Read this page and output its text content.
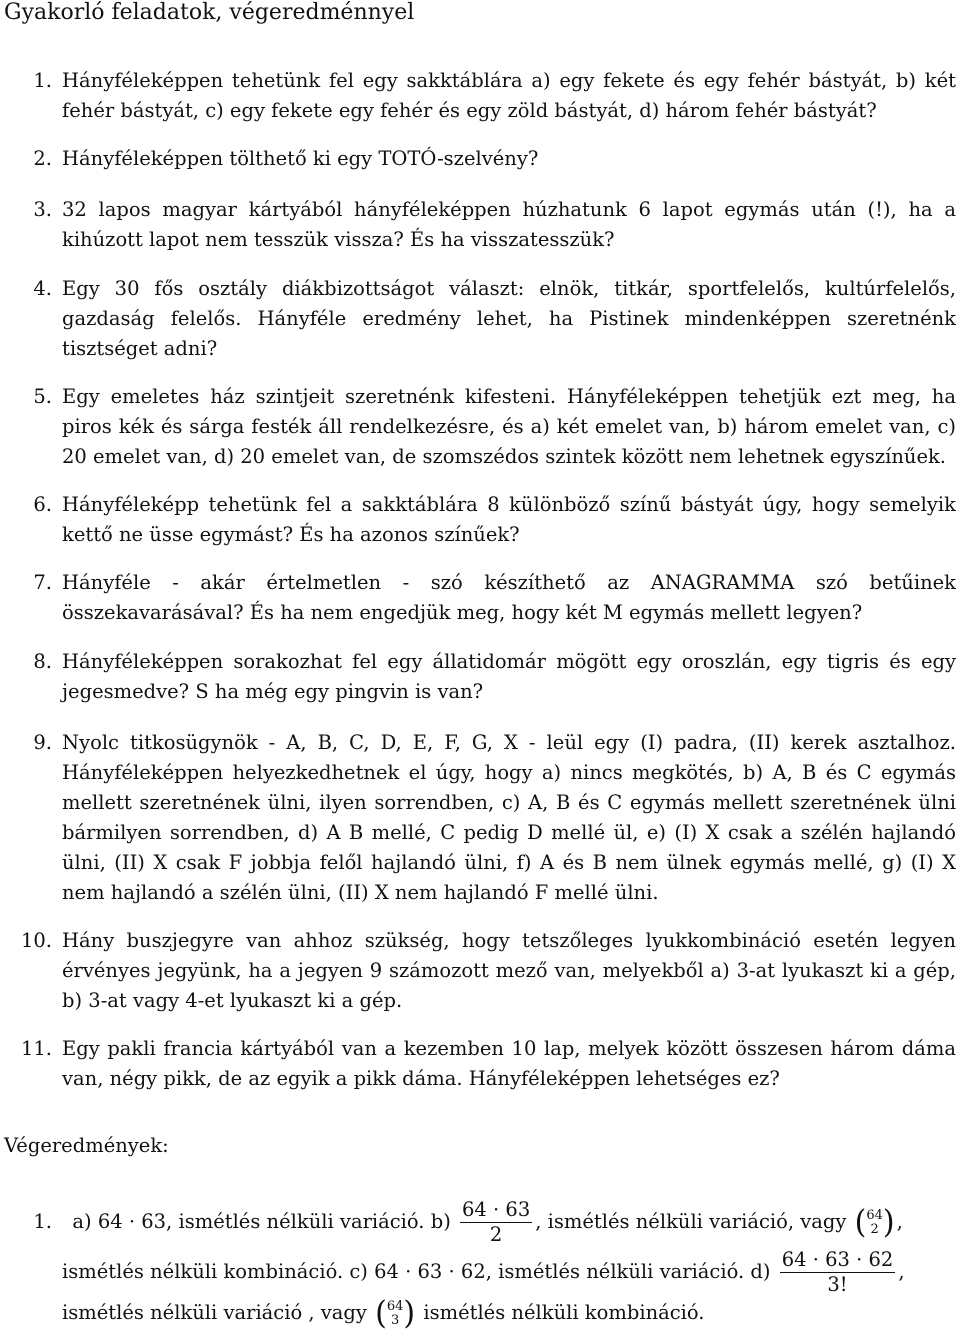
Gyakorló feladatok, végeredménnyel
1. Hányféleképpen tehetünk fel egy sakktáblára a) egy fekete és egy fehér bástyát, b) két fehér bástyát, c) egy fekete egy fehér és egy zöld bástyát, d) három fehér bástyát?
2. Hányféleképpen tölthető ki egy TOTÓ-szelvény?
3. 32 lapos magyar kártyából hányféleképpen húzhatunk 6 lapot egymás után (!), ha a kihúzott lapot nem tesszük vissza? És ha visszatesszük?
4. Egy 30 fős osztály diákbizottságot választ: elnök, titkár, sportfelelős, kultúrfelelős, gazdaság felelős. Hányféle eredmény lehet, ha Pistinek mindenképpen szeretnénk tisztséget adni?
5. Egy emeletes ház szintjeit szeretnénk kifesteni. Hányféleképpen tehetjük ezt meg, ha piros kék és sárga festék áll rendelkezésre, és a) két emelet van, b) három emelet van, c) 20 emelet van, d) 20 emelet van, de szomszédos szintek között nem lehetnek egyszínűek.
6. Hányféleképp tehetünk fel a sakktáblára 8 különböző színű bástyát úgy, hogy semelyik kettő ne üsse egymást? És ha azonos színűek?
7. Hányféle - akár értelmetlen - szó készíthető az ANAGRAMMA szó betűinek összekavarásával? És ha nem engedjük meg, hogy két M egymás mellett legyen?
8. Hányféleképpen sorakozhat fel egy állatidomár mögött egy oroszlán, egy tigris és egy jegesmedve? S ha még egy pingvin is van?
9. Nyolc titkosügynök - A, B, C, D, E, F, G, X - leül egy (I) padra, (II) kerek asztalhoz. Hányféleképpen helyezkedhetnek el úgy, hogy a) nincs megkötés, b) A, B és C egymás mellett szeretnének ülni, ilyen sorrendben, c) A, B és C egymás mellett szeretnének ülni bármilyen sorrendben, d) A B mellé, C pedig D mellé ül, e) (I) X csak a szélén hajlandó ülni, (II) X csak F jobbja felől hajlandó ülni, f) A és B nem ülnek egymás mellé, g) (I) X nem hajlandó a szélén ülni, (II) X nem hajlandó F mellé ülni.
10. Hány buszjegyre van ahhoz szükség, hogy tetszőleges lyukkombináció esetén legyen érvényes jegyünk, ha a jegyen 9 számozott mező van, melyekből a) 3-at lyukaszt ki a gép, b) 3-at vagy 4-et lyukaszt ki a gép.
11. Egy pakli francia kártyából van a kezemben 10 lap, melyek között összesen három dáma van, négy pikk, de az egyik a pikk dáma. Hányféleképpen lehetséges ez?
Végeredmények:
1. a) 64 · 63, ismétlés nélküli variáció. $b) \frac{64 \cdot 63}{2}$ , ismétlés nélküli variáció, vagy ( 64
2 ) ,
ismétlés nélküli kombináció. c) 64 · 63 · 62, ismétlés nélküli variáció. $d) \frac{64 \cdot 63 \cdot 62}{3!}$ ,
ismétlés nélküli variáció , vagy ( 64
3 ) ismétlés nélküli kombináció.
